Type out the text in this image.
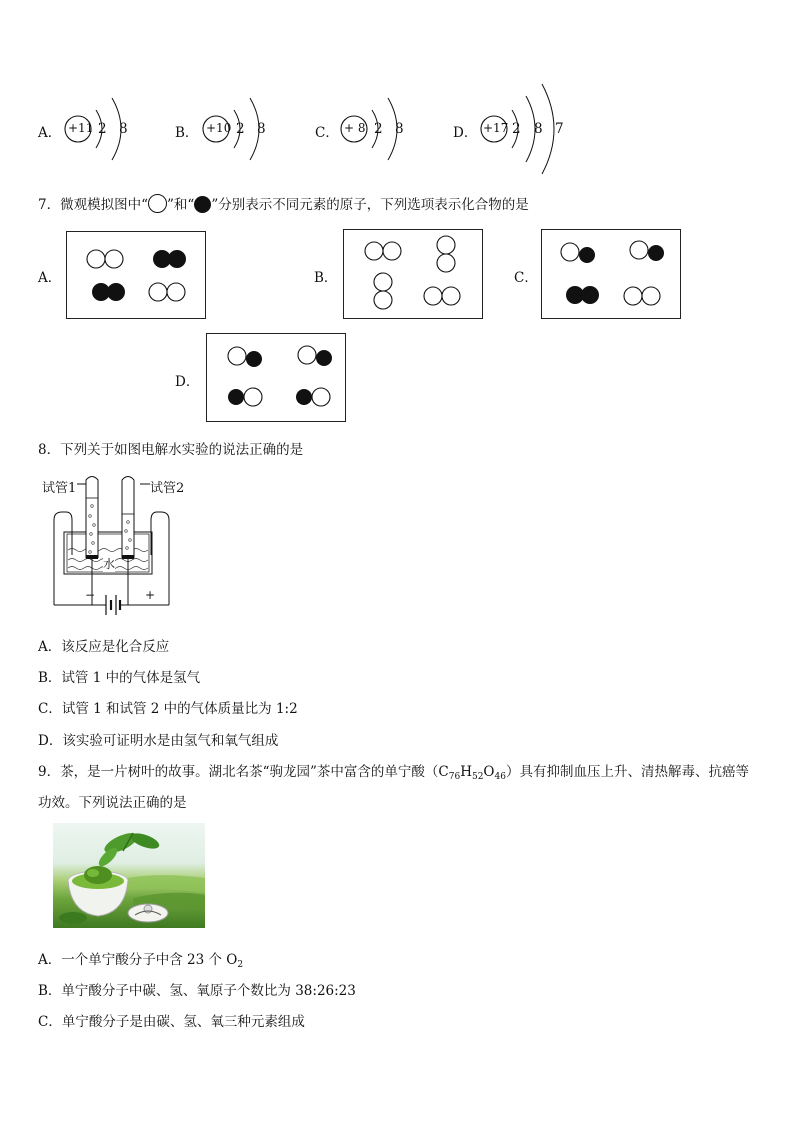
A． +11 2 8	B． +10 2 8	C． + 8 2 8	D． +17 2 8 7
7．微观模拟图中“ ”和“ ”分别表示不同元素的原子，下列选项表示化合物的是
A．	B．	C．
D．
8．下列关于如图电解水实验的说法正确的是
试管1	试管2
水
−	+
A．该反应是化合反应
B．试管 1 中的气体是氢气
C．试管 1 和试管 2 中的气体质量比为 1:2
D．该实验可证明水是由氢气和氧气组成
9．茶，是一片树叶的故事。湖北名茶“驹龙园”茶中富含的单宁酸$(C_{76}H_{52}O_{46})$具有抑制血压上升、清热解毒、抗癌等
功效。下列说法正确的是
A．一个单宁酸分子中含 23 个 $O_2$
B．单宁酸分子中碳、氢、氧原子个数比为 38:26:23
C．单宁酸分子是由碳、氢、氧三种元素组成
